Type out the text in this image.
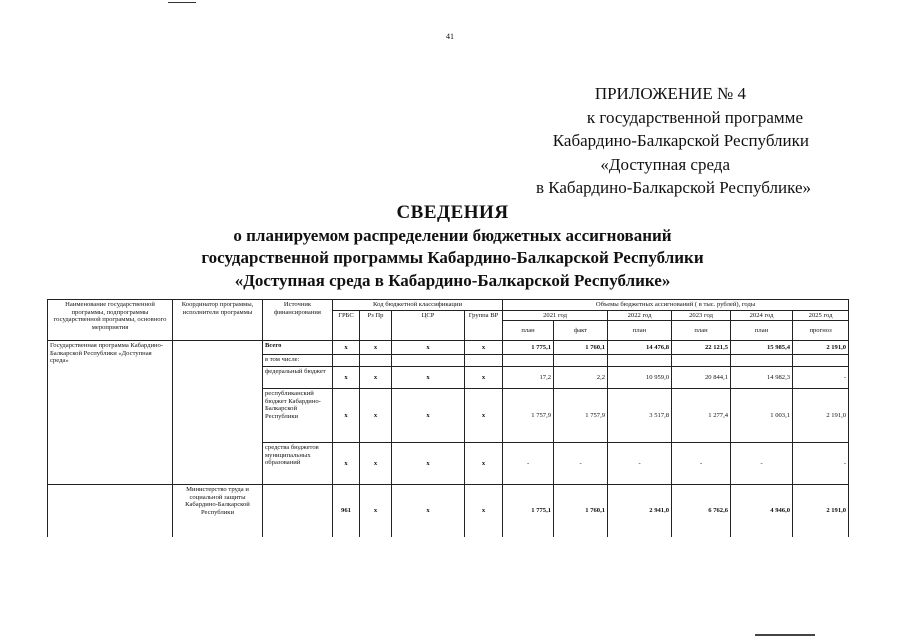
41
ПРИЛОЖЕНИЕ № 4
к государственной программе
Кабардино-Балкарской Республики
«Доступная среда
в Кабардино-Балкарской Республике»
СВЕДЕНИЯ
о планируемом распределении бюджетных ассигнований
государственной программы Кабардино-Балкарской Республики
«Доступная среда в Кабардино-Балкарской Республике»
Наименование государственной программы, подпрограммы государственной программы, основного мероприятия	Координатор программы, исполнители программы	Источник финансирования	Код бюджетной классификации				Объемы бюджетных ассигнований ( в тыс. рублей), годы					
			ГРБС	Рз Пр	ЦСР	Группа ВР	2021 год		2022 год	2023 год	2024 год	2025 год
							план	факт	план	план	план	прогноз
Государственная программа Кабардино-Балкарской Республики «Доступная среда»		Всего	x	x	x	x	1 775,1	1 760,1	14 476,8	22 121,5	15 985,4	2 191,0
		в том числе:										
		федеральный бюджет	x	x	x	x	17,2	2,2	10 959,0	20 844,1	14 982,3	-
		республиканский бюджет Кабардино-Балкарской Республики	x	x	x	x	1 757,9	1 757,9	3 517,8	1 277,4	1 003,1	2 191,0
		средства бюджетов муниципальных образований	x	x	x	x	-	-	-	-	-	-
	Министерство труда и социальной защиты Кабардино-Балкарской Республики		961	x	x	x	1 775,1	1 760,1	2 941,0	6 762,6	4 946,0	2 191,0
